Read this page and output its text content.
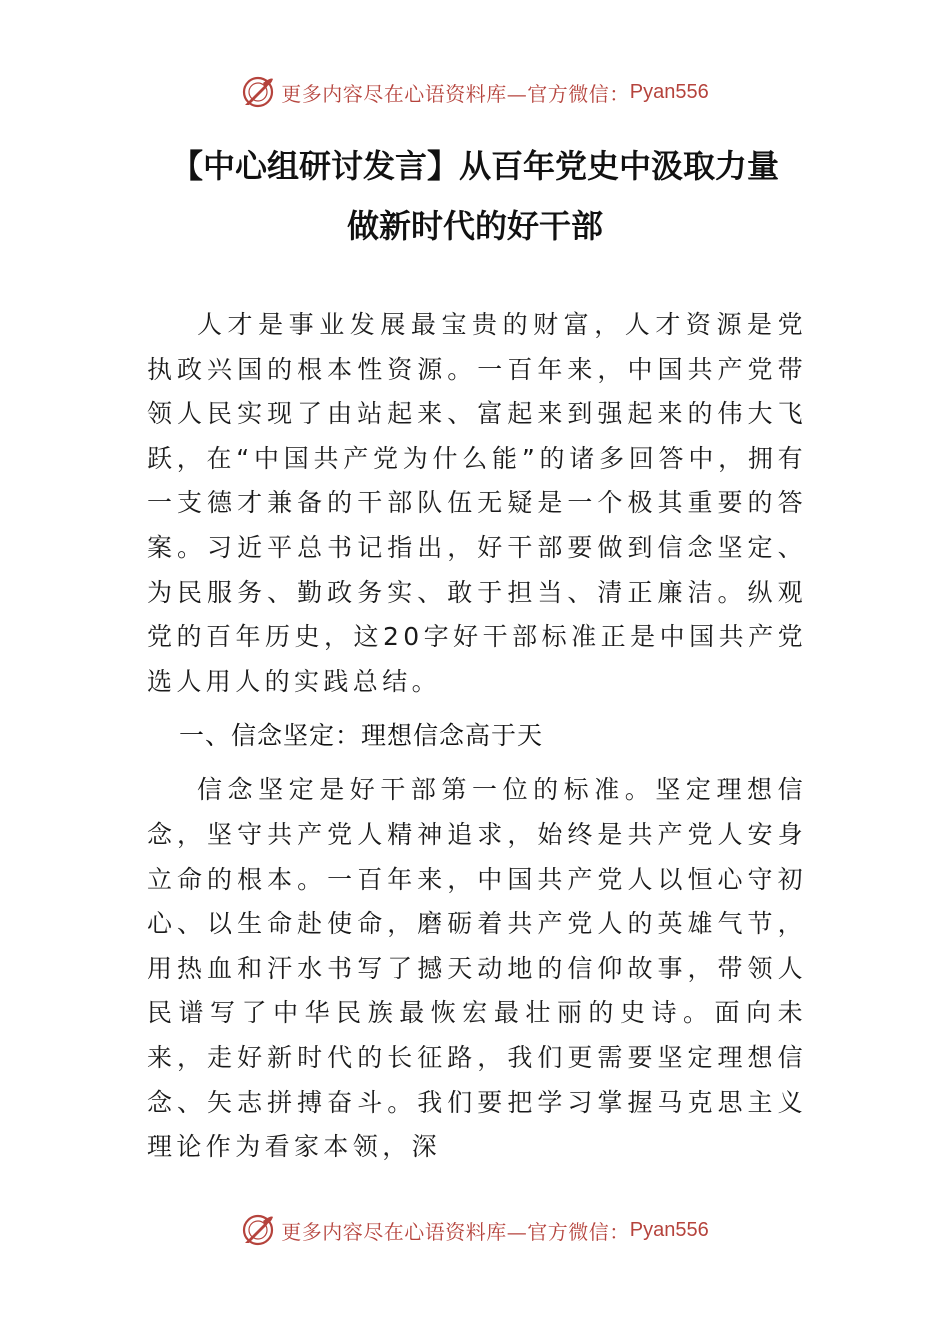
更多内容尽在心语资料库—官方微信： Pyan556
【中心组研讨发言】从百年党史中汲取力量
做新时代的好干部

人才是事业发展最宝贵的财富，人才资源是党执政兴国的根本性资源。一百年来，中国共产党带领人民实现了由站起来、富起来到强起来的伟大飞跃，在“中国共产党为什么能”的诸多回答中，拥有一支德才兼备的干部队伍无疑是一个极其重要的答案。习近平总书记指出，好干部要做到信念坚定、为民服务、勤政务实、敢于担当、清正廉洁。纵观党的百年历史，这20字好干部标准正是中国共产党选人用人的实践总结。

一、信念坚定：理想信念高于天

信念坚定是好干部第一位的标准。坚定理想信念，坚守共产党人精神追求，始终是共产党人安身立命的根本。一百年来，中国共产党人以恒心守初心、以生命赴使命，磨砺着共产党人的英雄气节，用热血和汗水书写了撼天动地的信仰故事，带领人民谱写了中华民族最恢宏最壮丽的史诗。面向未来，走好新时代的长征路，我们更需要坚定理想信念、矢志拼搏奋斗。我们要把学习掌握马克思主义理论作为看家本领，深

更多内容尽在心语资料库—官方微信： Pyan556
